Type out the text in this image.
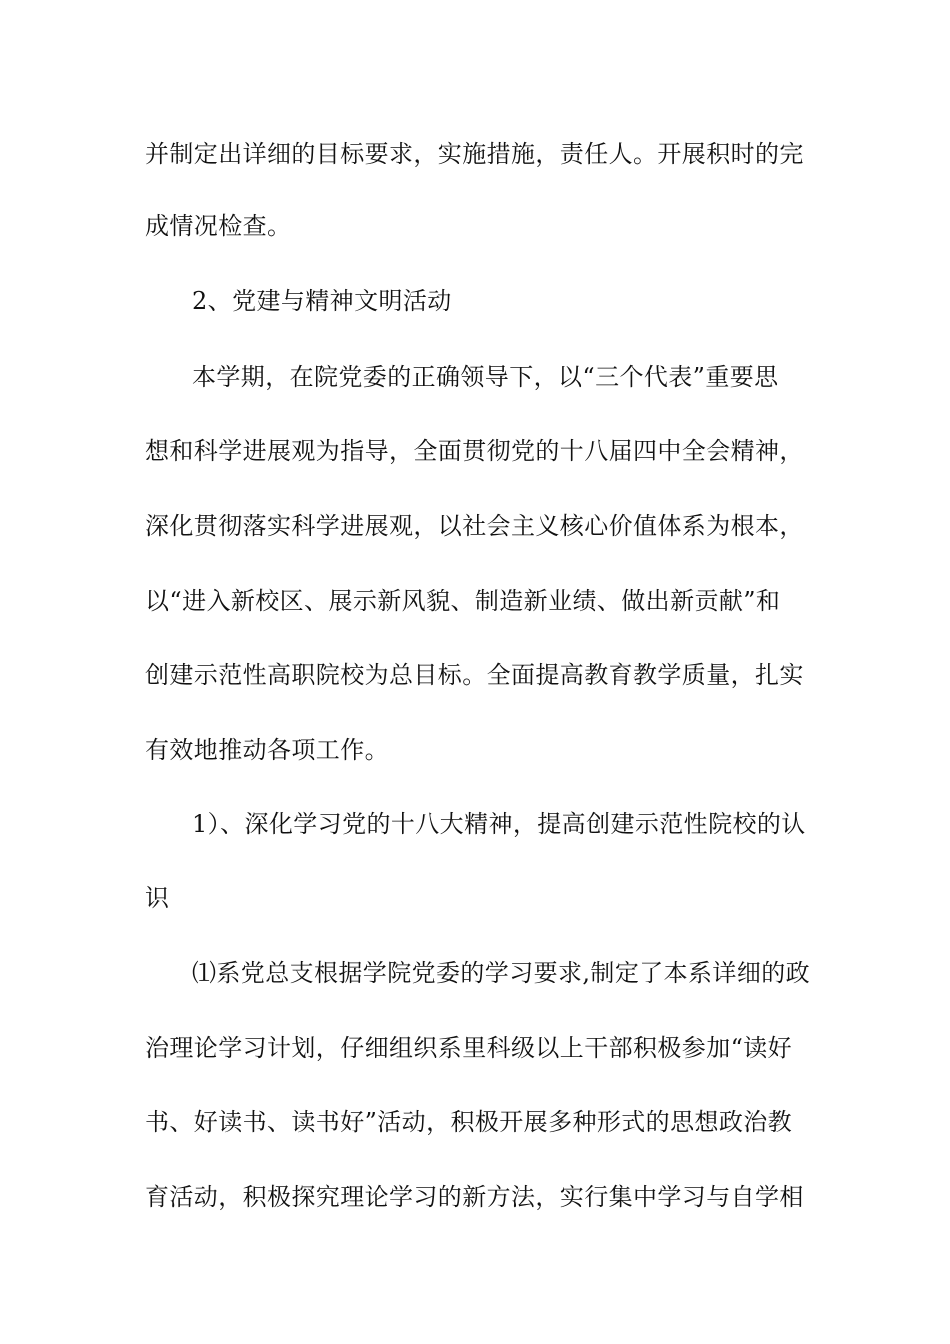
并制定出详细的目标要求，实施措施，责任人。开展积时的完
成情况检查。
2、党建与精神文明活动
本学期，在院党委的正确领导下，以“三个代表”重要思
想和科学进展观为指导，全面贯彻党的十八届四中全会精神，
深化贯彻落实科学进展观，以社会主义核心价值体系为根本，
以“进入新校区、展示新风貌、制造新业绩、做出新贡献”和
创建示范性高职院校为总目标。全面提高教育教学质量，扎实
有效地推动各项工作。
1）、深化学习党的十八大精神，提高创建示范性院校的认
识
⑴系党总支根据学院党委的学习要求,制定了本系详细的政
治理论学习计划，仔细组织系里科级以上干部积极参加“读好
书、好读书、读书好”活动，积极开展多种形式的思想政治教
育活动，积极探究理论学习的新方法，实行集中学习与自学相
